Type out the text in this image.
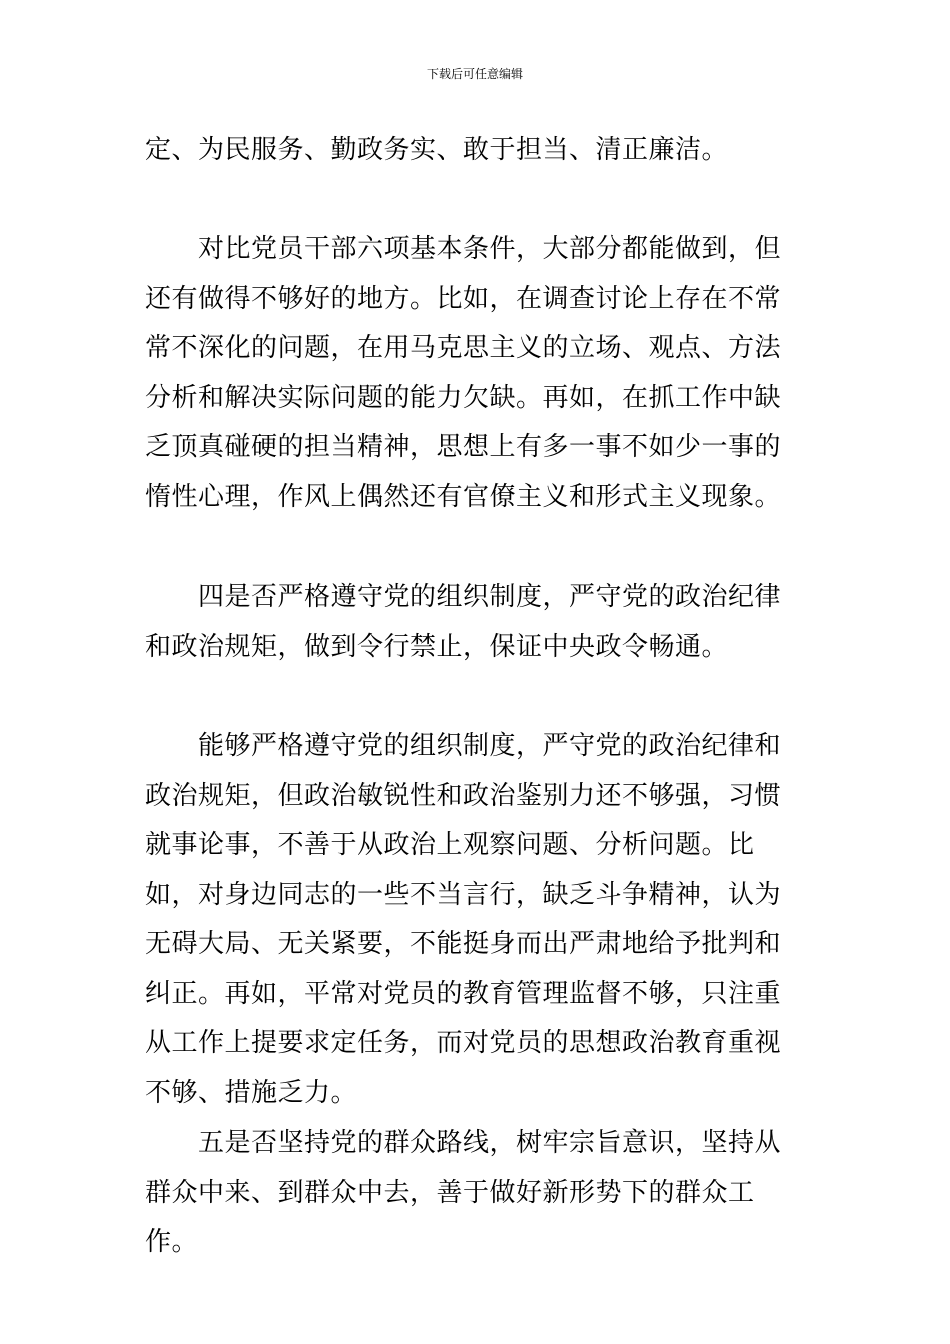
下载后可任意编辑

定、为民服务、勤政务实、敢于担当、清正廉洁。

对比党员干部六项基本条件，大部分都能做到，但还有做得不够好的地方。比如，在调查讨论上存在不常常不深化的问题，在用马克思主义的立场、观点、方法分析和解决实际问题的能力欠缺。再如，在抓工作中缺乏顶真碰硬的担当精神，思想上有多一事不如少一事的惰性心理，作风上偶然还有官僚主义和形式主义现象。

四是否严格遵守党的组织制度，严守党的政治纪律和政治规矩，做到令行禁止，保证中央政令畅通。

能够严格遵守党的组织制度，严守党的政治纪律和政治规矩，但政治敏锐性和政治鉴别力还不够强，习惯就事论事，不善于从政治上观察问题、分析问题。比如，对身边同志的一些不当言行，缺乏斗争精神，认为无碍大局、无关紧要，不能挺身而出严肃地给予批判和纠正。再如，平常对党员的教育管理监督不够，只注重从工作上提要求定任务，而对党员的思想政治教育重视不够、措施乏力。

五是否坚持党的群众路线，树牢宗旨意识，坚持从群众中来、到群众中去，善于做好新形势下的群众工作。
